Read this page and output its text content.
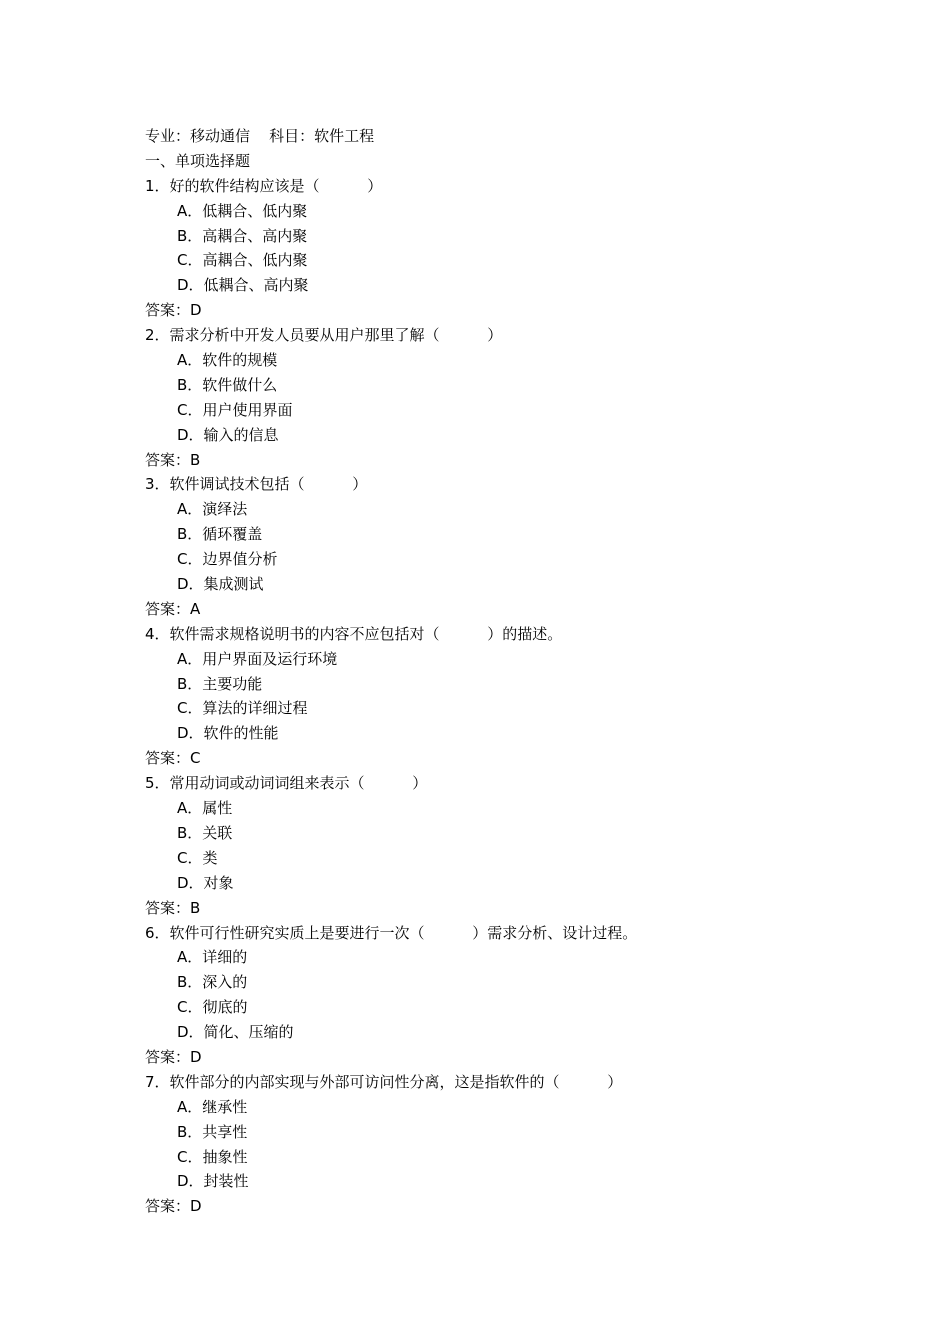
专业：移动通信    科目：软件工程
一、单项选择题
1．好的软件结构应该是（          ）
A．低耦合、低内聚
B．高耦合、高内聚
C．高耦合、低内聚
D．低耦合、高内聚
答案：D
2．需求分析中开发人员要从用户那里了解（          ）
A．软件的规模
B．软件做什么
C．用户使用界面
D．输入的信息
答案：B
3．软件调试技术包括（          ）
A．演绎法
B．循环覆盖
C．边界值分析
D．集成测试
答案：A
4．软件需求规格说明书的内容不应包括对（          ）的描述。
A．用户界面及运行环境
B．主要功能
C．算法的详细过程
D．软件的性能
答案：C
5．常用动词或动词词组来表示（          ）
A．属性
B．关联
C．类
D．对象
答案：B
6．软件可行性研究实质上是要进行一次（          ）需求分析、设计过程。
A．详细的
B．深入的
C．彻底的
D．简化、压缩的
答案：D
7．软件部分的内部实现与外部可访问性分离，这是指软件的（          ）
A．继承性
B．共享性
C．抽象性
D．封装性
答案：D
